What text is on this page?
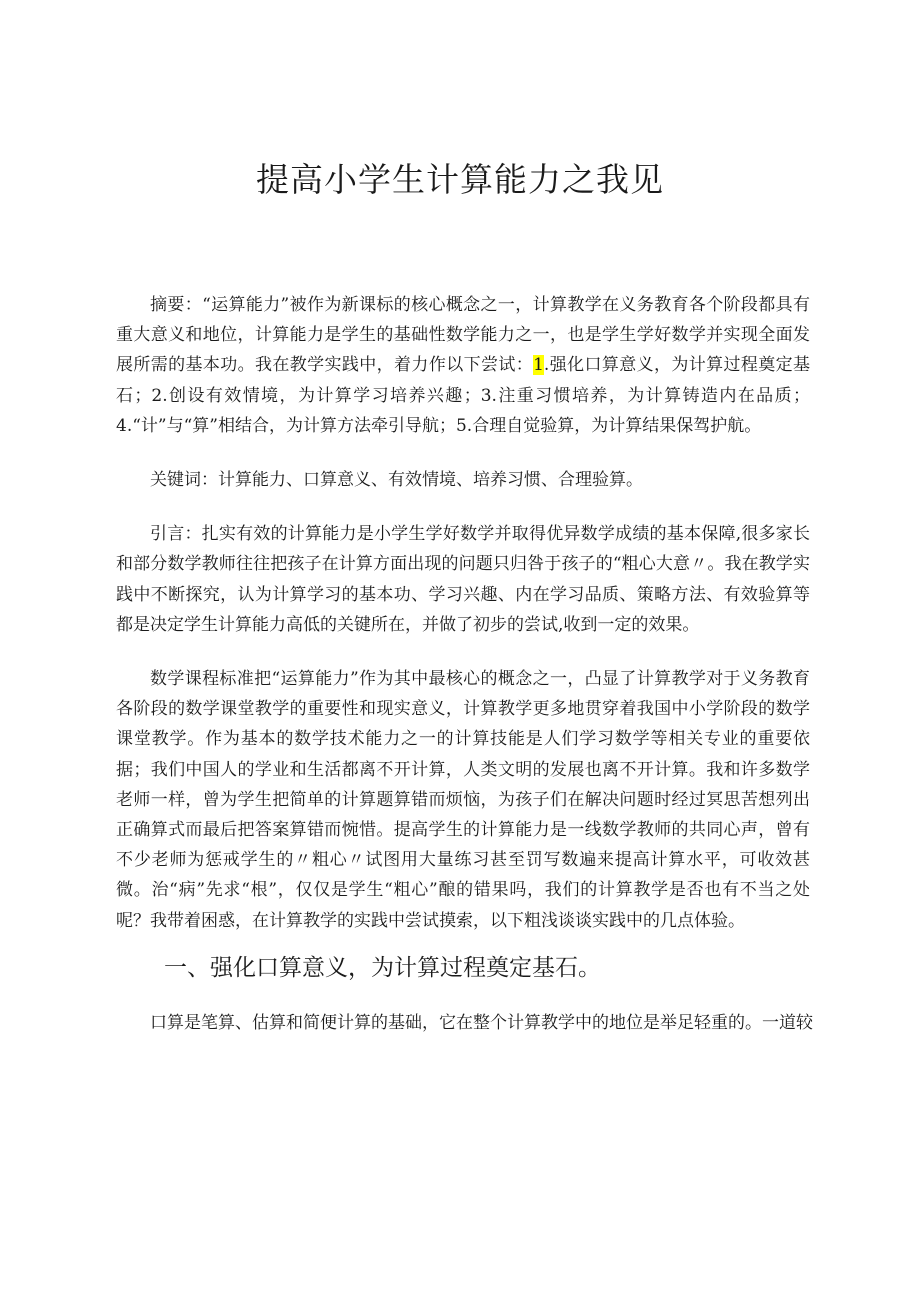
提高小学生计算能力之我见

摘要：“运算能力”被作为新课标的核心概念之一，计算教学在义务教育各个阶段都具有重大意义和地位，计算能力是学生的基础性数学能力之一，也是学生学好数学并实现全面发展所需的基本功。我在教学实践中，着力作以下尝试：1.强化口算意义，为计算过程奠定基石；2.创设有效情境，为计算学习培养兴趣；3.注重习惯培养，为计算铸造内在品质；4.“计”与“算”相结合，为计算方法牵引导航；5.合理自觉验算，为计算结果保驾护航。

关键词：计算能力、口算意义、有效情境、培养习惯、合理验算。

引言：扎实有效的计算能力是小学生学好数学并取得优异数学成绩的基本保障,很多家长和部分数学教师往往把孩子在计算方面出现的问题只归咎于孩子的“粗心大意〃。我在教学实践中不断探究，认为计算学习的基本功、学习兴趣、内在学习品质、策略方法、有效验算等都是决定学生计算能力高低的关键所在，并做了初步的尝试,收到一定的效果。

数学课程标准把“运算能力”作为其中最核心的概念之一，凸显了计算教学对于义务教育各阶段的数学课堂教学的重要性和现实意义，计算教学更多地贯穿着我国中小学阶段的数学课堂教学。作为基本的数学技术能力之一的计算技能是人们学习数学等相关专业的重要依据；我们中国人的学业和生活都离不开计算，人类文明的发展也离不开计算。我和许多数学老师一样，曾为学生把简单的计算题算错而烦恼，为孩子们在解决问题时经过冥思苦想列出正确算式而最后把答案算错而惋惜。提高学生的计算能力是一线数学教师的共同心声，曾有不少老师为惩戒学生的〃粗心〃试图用大量练习甚至罚写数遍来提高计算水平，可收效甚微。治“病”先求“根”，仅仅是学生“粗心”酿的错果吗，我们的计算教学是否也有不当之处呢？我带着困惑，在计算教学的实践中尝试摸索，以下粗浅谈谈实践中的几点体验。

一、强化口算意义，为计算过程奠定基石。

口算是笔算、估算和简便计算的基础，它在整个计算教学中的地位是举足轻重的。一道较
